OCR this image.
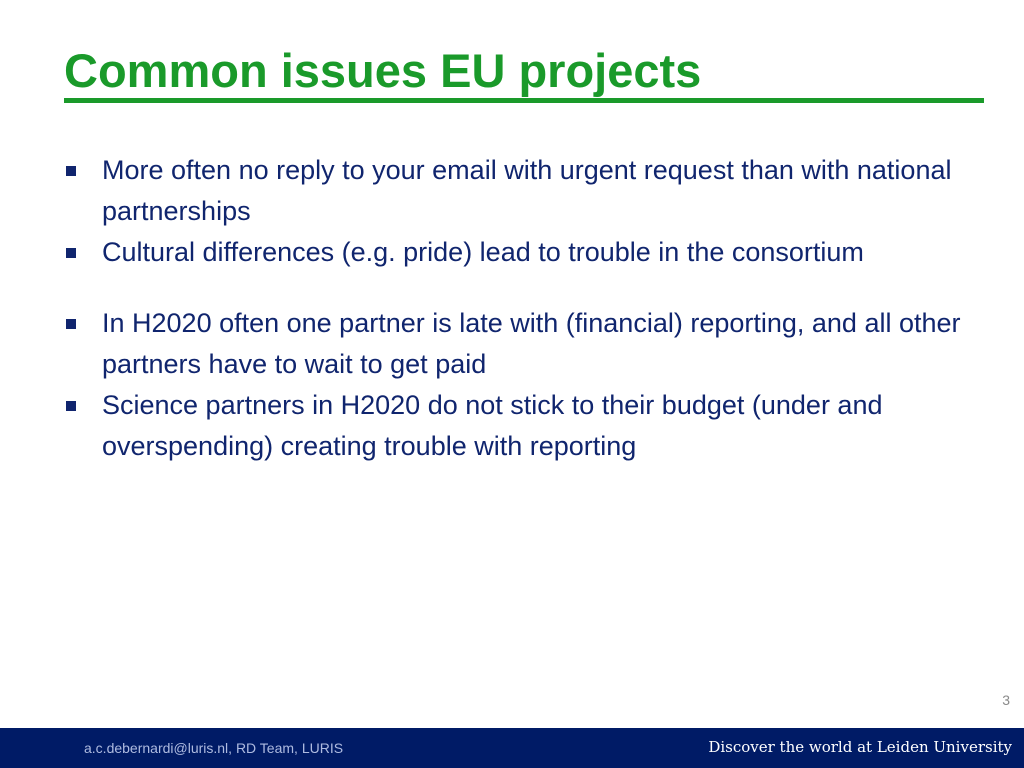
Common issues EU projects
More often no reply to your email with urgent request than with national partnerships
Cultural differences (e.g. pride) lead to trouble in the consortium
In H2020 often one partner is late with (financial) reporting, and all other partners have to wait to get paid
Science partners in H2020 do not stick to their budget (under and overspending) creating trouble with reporting
3
a.c.debernardi@luris.nl, RD Team, LURIS	Discover the world at Leiden University
